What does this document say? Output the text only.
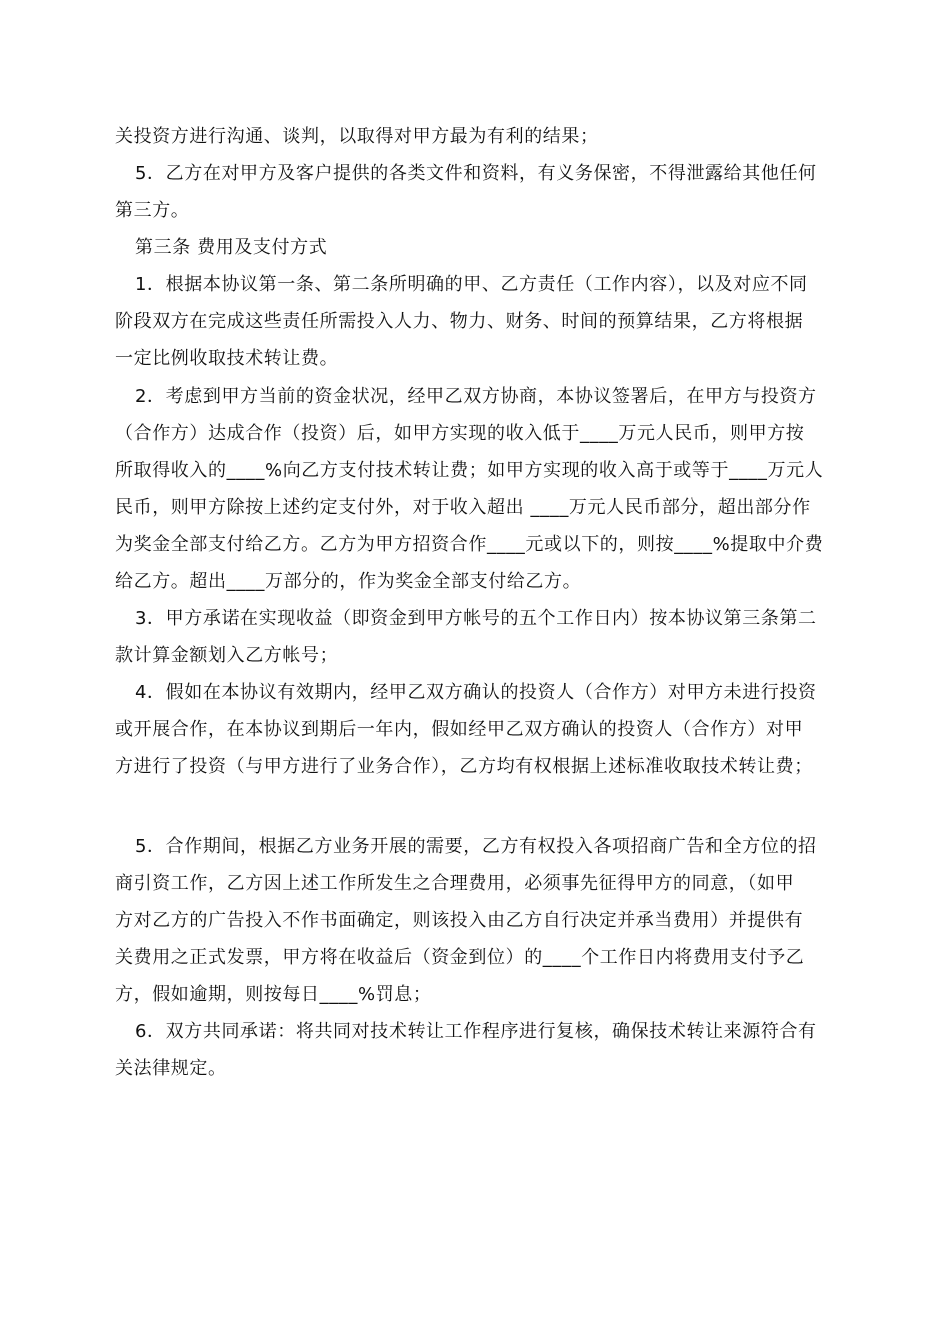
关投资方进行沟通、谈判，以取得对甲方最为有利的结果；
5．乙方在对甲方及客户提供的各类文件和资料，有义务保密，不得泄露给其他任何
第三方。
第三条 费用及支付方式
1．根据本协议第一条、第二条所明确的甲、乙方责任（工作内容），以及对应不同
阶段双方在完成这些责任所需投入人力、物力、财务、时间的预算结果，乙方将根据
一定比例收取技术转让费。
2．考虑到甲方当前的资金状况，经甲乙双方协商，本协议签署后，在甲方与投资方
（合作方）达成合作（投资）后，如甲方实现的收入低于____万元人民币，则甲方按
所取得收入的____%向乙方支付技术转让费；如甲方实现的收入高于或等于____万元人
民币，则甲方除按上述约定支付外，对于收入超出 ____万元人民币部分，超出部分作
为奖金全部支付给乙方。乙方为甲方招资合作____元或以下的，则按____%提取中介费
给乙方。超出____万部分的，作为奖金全部支付给乙方。
3．甲方承诺在实现收益（即资金到甲方帐号的五个工作日内）按本协议第三条第二
款计算金额划入乙方帐号；
4．假如在本协议有效期内，经甲乙双方确认的投资人（合作方）对甲方未进行投资
或开展合作，在本协议到期后一年内，假如经甲乙双方确认的投资人（合作方）对甲
方进行了投资（与甲方进行了业务合作），乙方均有权根据上述标准收取技术转让费；
5．合作期间，根据乙方业务开展的需要，乙方有权投入各项招商广告和全方位的招
商引资工作，乙方因上述工作所发生之合理费用，必须事先征得甲方的同意，（如甲
方对乙方的广告投入不作书面确定，则该投入由乙方自行决定并承当费用）并提供有
关费用之正式发票，甲方将在收益后（资金到位）的____个工作日内将费用支付予乙
方，假如逾期，则按每日____%罚息；
6．双方共同承诺：将共同对技术转让工作程序进行复核，确保技术转让来源符合有
关法律规定。
